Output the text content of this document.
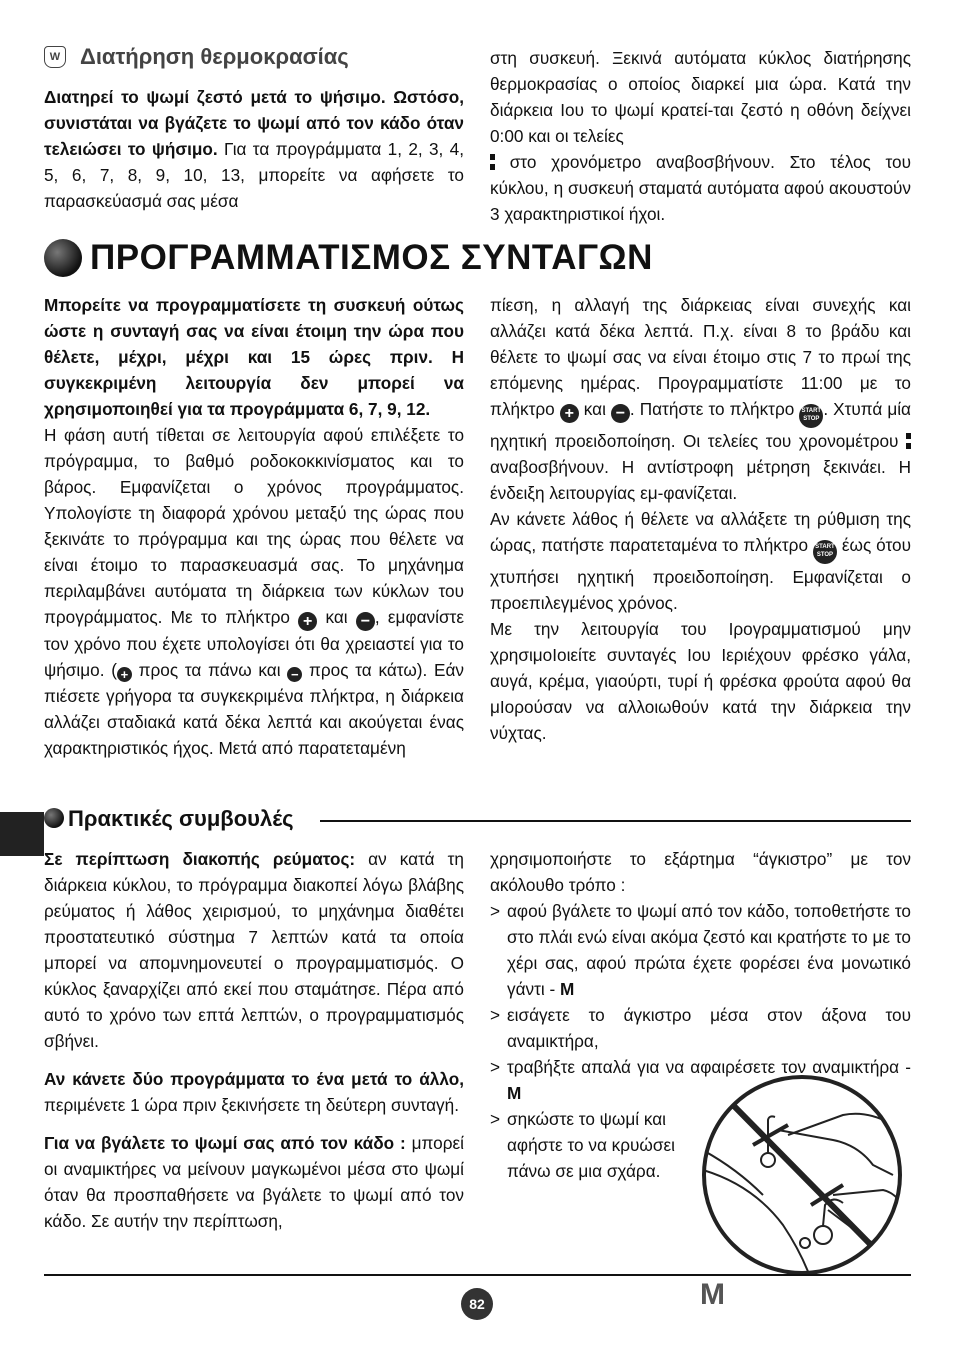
W Διατήρηση θερμοκρασίας

Διατηρεί το ψωμί ζεστό μετά το ψήσιμο. Ωστόσο, συνιστάται να βγάζετε το ψωμί από τον κάδο όταν τελειώσει το ψήσιμο. Για τα προγράμματα 1, 2, 3, 4, 5, 6, 7, 8, 9, 10, 13, μπορείτε να αφήσετε το παρασκεύασμά σας μέσα

στη συσκευή. Ξεκινά αυτόματα κύκλος διατήρησης θερμοκρασίας ο οποίος διαρκεί μια ώρα. Κατά την διάρκεια Ιου το ψωμί κρατεί-ται ζεστό η οθόνη δείχνει 0:00 και οι τελείες
στο χρονόμετρο αναβοσβήνουν. Στο τέλος του κύκλου, η συσκευή σταματά αυτόματα αφού ακουστούν 3 χαρακτηριστικοί ήχοι.

ΠΡΟΓΡΑΜΜΑΤΙΣΜΟΣ ΣΥΝΤΑΓΩΝ

Μπορείτε να προγραμματίσετε τη συσκευή ούτως ώστε η συνταγή σας να είναι έτοιμη την ώρα που θέλετε, μέχρι, μέχρι και 15 ώρες πριν. Η συγκεκριμένη λειτουργία δεν μπορεί να χρησιμοποιηθεί για τα προγράμματα 6, 7, 9, 12.

Η φάση αυτή τίθεται σε λειτουργία αφού επιλέξετε το πρόγραμμα, το βαθμό ροδοκοκκινίσματος και το βάρος. Εμφανίζεται ο χρόνος προγράμματος. Υπολογίστε τη διαφορά χρόνου μεταξύ της ώρας που ξεκινάτε το πρόγραμμα και της ώρας που θέλετε να είναι έτοιμο το παρασκευασμά σας. Το μηχάνημα περιλαμβάνει αυτόματα τη διάρκεια των κύκλων του προγράμματος. Με το πλήκτρο + και − , εμφανίστε τον χρόνο που έχετε υπολογίσει ότι θα χρειαστεί για το ψήσιμο. ( + προς τα πάνω και − προς τα κάτω). Εάν πιέσετε γρήγορα τα συγκεκριμένα πλήκτρα, η διάρκεια αλλάζει σταδιακά κατά δέκα λεπτά και ακούγεται ένας χαρακτηριστικός ήχος. Μετά από παρατεταμένη

πίεση, η αλλαγή της διάρκειας είναι συνεχής και αλλάζει κατά δέκα λεπτά. Π.χ. είναι 8 το βράδυ και θέλετε το ψωμί σας να είναι έτοιμο στις 7 το πρωί της επόμενης ημέρας. Προγραμματίστε 11:00 με το πλήκτρο + και − . Πατήστε το πλήκτρο START STOP . Χτυπά μία ηχητική προειδοποίηση. Οι τελείες του χρονομέτρου  αναβοσβήνουν. Η αντίστροφη μέτρηση ξεκινάει. Η ένδειξη λειτουργίας εμ-φανίζεται.

Αν κάνετε λάθος ή θέλετε να αλλάξετε τη ρύθμιση της ώρας, πατήστε παρατεταμένα το πλήκτρο START STOP έως ότου χτυπήσει ηχητική προειδοποίηση. Εμφανίζεται ο προεπιλεγμένος χρόνος.

Με την λειτουργία του Ιρογραμματισμού μην χρησιμοIοιείτε συνταγές Ιου Ιεριέχουν φρέσκο γάλα, αυγά, κρέμα, γιαούρτι, τυρί ή φρέσκα φρούτα αφού θα μIορούσαν να αλλοιωθούν κατά την διάρκεια την νύχτας.

Πρακτικές συμβουλές

Σε περίπτωση διακοπής ρεύματος: αν κατά τη διάρκεια κύκλου, το πρόγραμμα διακοπεί λόγω βλάβης ρεύματος ή λάθος χειρισμού, το μηχάνημα διαθέτει προστατευτικό σύστημα 7 λεπτών κατά τα οποία μπορεί να απομνημονευτεί ο προγραμματισμός. Ο κύκλος ξαναρχίζει από εκεί που σταμάτησε. Πέρα από αυτό το χρόνο των επτά λεπτών, ο προγραμματισμός σβήνει.

Αν κάνετε δύο προγράμματα το ένα μετά το άλλο, περιμένετε 1 ώρα πριν ξεκινήσετε τη δεύτερη συνταγή.

Για να βγάλετε το ψωμί σας από τον κάδο : μπορεί οι αναμικτήρες να μείνουν μαγκωμένοι μέσα στο ψωμί όταν θα προσπαθήσετε να βγάλετε το ψωμί από τον κάδο. Σε αυτήν την περίπτωση,

χρησιμοποιήστε το εξάρτημα “άγκιστρο” με τον ακόλουθο τρόπο :

> αφού βγάλετε το ψωμί από τον κάδο, τοποθετήστε το στο πλάι ενώ είναι ακόμα ζεστό και κρατήστε το με το χέρι σας, αφού πρώτα έχετε φορέσει ένα μονωτικό γάντι - M
> εισάγετε το άγκιστρο μέσα στον άξονα του αναμικτήρα,
> τραβήξτε απαλά για να αφαιρέσετε τον αναμικτήρα - M
> σηκώστε το ψωμί και αφήστε το να κρυώσει πάνω σε μια σχάρα.
82	M
